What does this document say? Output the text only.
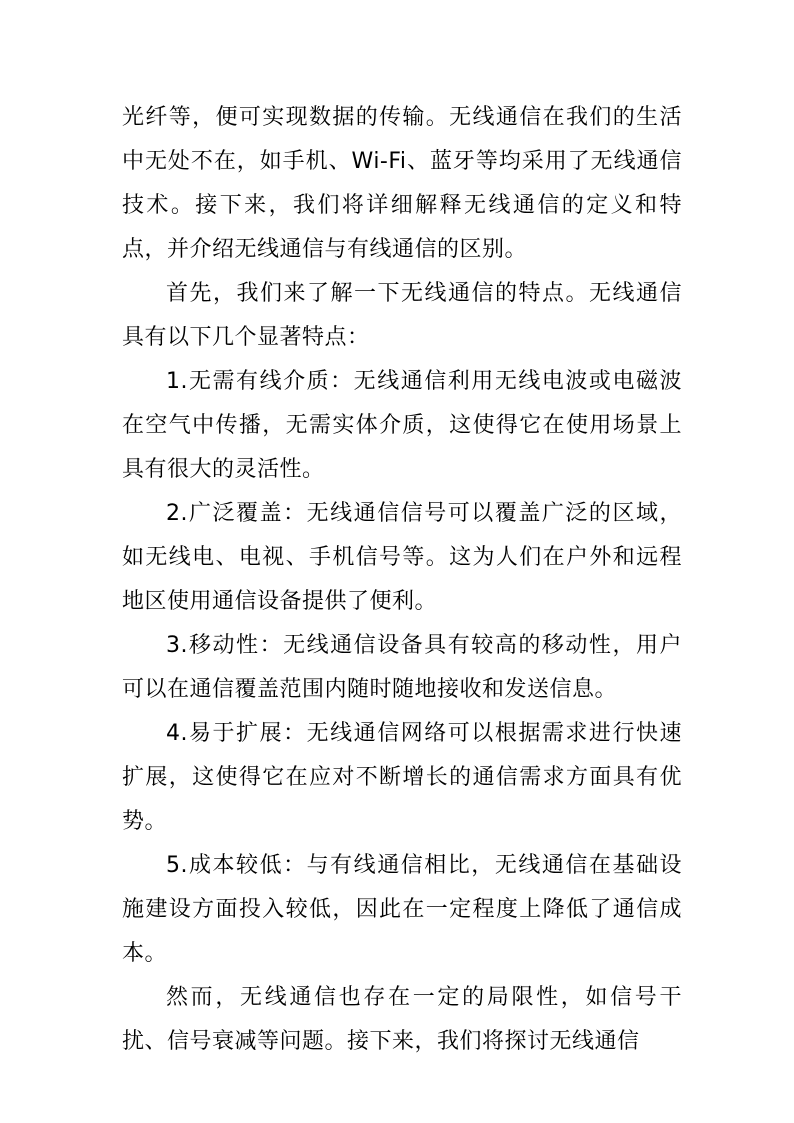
光纤等，便可实现数据的传输。无线通信在我们的生活中无处不在，如手机、Wi-Fi、蓝牙等均采用了无线通信技术。接下来，我们将详细解释无线通信的定义和特点，并介绍无线通信与有线通信的区别。

首先，我们来了解一下无线通信的特点。无线通信具有以下几个显著特点：

1.无需有线介质：无线通信利用无线电波或电磁波在空气中传播，无需实体介质，这使得它在使用场景上具有很大的灵活性。

2.广泛覆盖：无线通信信号可以覆盖广泛的区域，如无线电、电视、手机信号等。这为人们在户外和远程地区使用通信设备提供了便利。

3.移动性：无线通信设备具有较高的移动性，用户可以在通信覆盖范围内随时随地接收和发送信息。

4.易于扩展：无线通信网络可以根据需求进行快速扩展，这使得它在应对不断增长的通信需求方面具有优势。

5.成本较低：与有线通信相比，无线通信在基础设施建设方面投入较低，因此在一定程度上降低了通信成本。

然而，无线通信也存在一定的局限性，如信号干扰、信号衰减等问题。接下来，我们将探讨无线通信
